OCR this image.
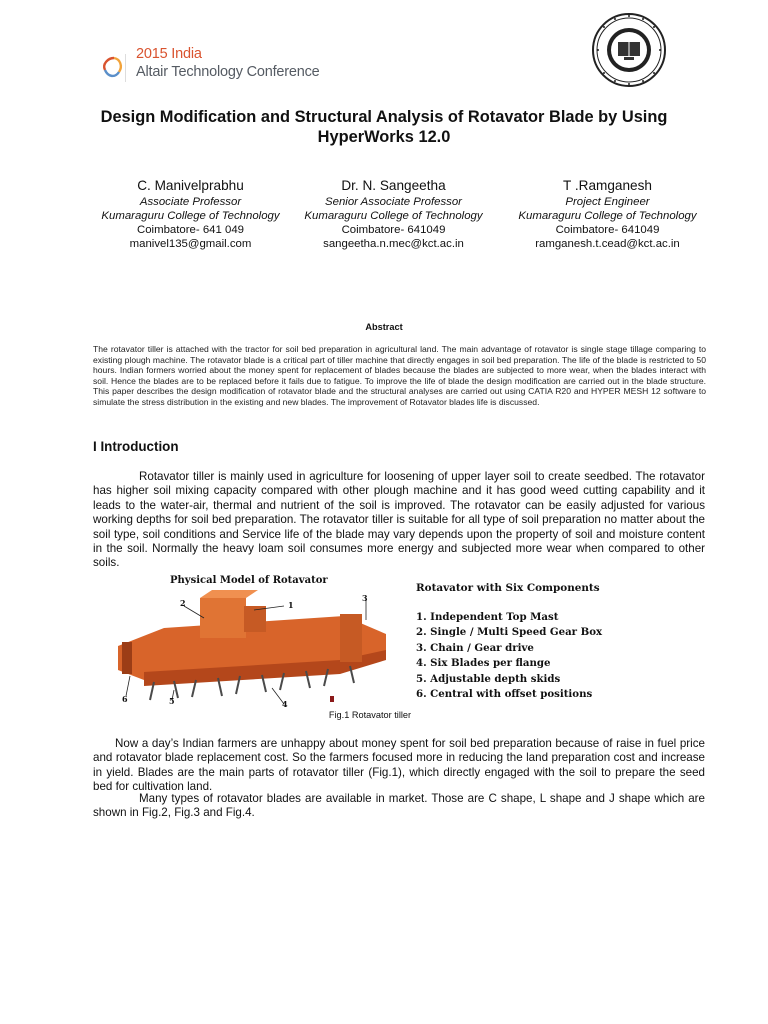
2015 India
Altair Technology Conference
Design Modification and Structural Analysis of Rotavator Blade by Using HyperWorks 12.0
C. Manivelprabhu
Associate Professor
Kumaraguru College of Technology
Coimbatore- 641 049
manivel135@gmail.com
Dr. N. Sangeetha
Senior Associate Professor
Kumaraguru College of Technology
Coimbatore- 641049
sangeetha.n.mec@kct.ac.in
T .Ramganesh
Project Engineer
Kumaraguru College of Technology
Coimbatore- 641049
ramganesh.t.cead@kct.ac.in
Abstract
The rotavator tiller is attached with the tractor for soil bed preparation in agricultural land. The main advantage of rotavator is single stage tillage comparing to existing plough machine. The rotavator blade is a critical part of tiller machine that directly engages in soil bed preparation. The life of the blade is restricted to 50 hours. Indian formers worried about the money spent for replacement of blades because the blades are subjected to more wear, when the blades interact with soil. Hence the blades are to be replaced before it fails due to fatigue. To improve the life of blade the design modification are carried out in the blade structure. This paper describes the design modification of rotavator blade and the structural analyses are carried out using CATIA R20 and HYPER MESH 12 software to simulate the stress distribution in the existing and new blades. The improvement of Rotavator blades life is discussed.
I Introduction
Rotavator tiller is mainly used in agriculture for loosening of upper layer soil to create seedbed. The rotavator has higher soil mixing capacity compared with other plough machine and it has good weed cutting capability and it leads to the water-air, thermal and nutrient of the soil is improved. The rotavator can be easily adjusted for various working depths for soil bed preparation. The rotavator tiller is suitable for all type of soil preparation no matter about the soil type, soil conditions and Service life of the blade may vary depends upon the property of soil and moisture content in the soil. Normally the heavy loam soil consumes more energy and subjected more wear when compared to other soils.
Physical Model of Rotavator
2	1
3
4
5
6
Rotavator with Six Components
1. Independent Top Mast
2. Single / Multi Speed Gear Box
3. Chain / Gear drive
4. Six Blades per flange
5. Adjustable depth skids
6. Central with offset positions
Fig.1 Rotavator tiller
Now a day’s Indian farmers are unhappy about money spent for soil bed preparation because of raise in fuel price and rotavator blade replacement cost. So the farmers focused more in reducing the land preparation cost and increase in yield. Blades are the main parts of rotavator tiller (Fig.1), which directly engaged with the soil to prepare the seed bed for cultivation land.
Many types of rotavator blades are available in market. Those are C shape, L shape and J shape which are shown in Fig.2, Fig.3 and Fig.4.
